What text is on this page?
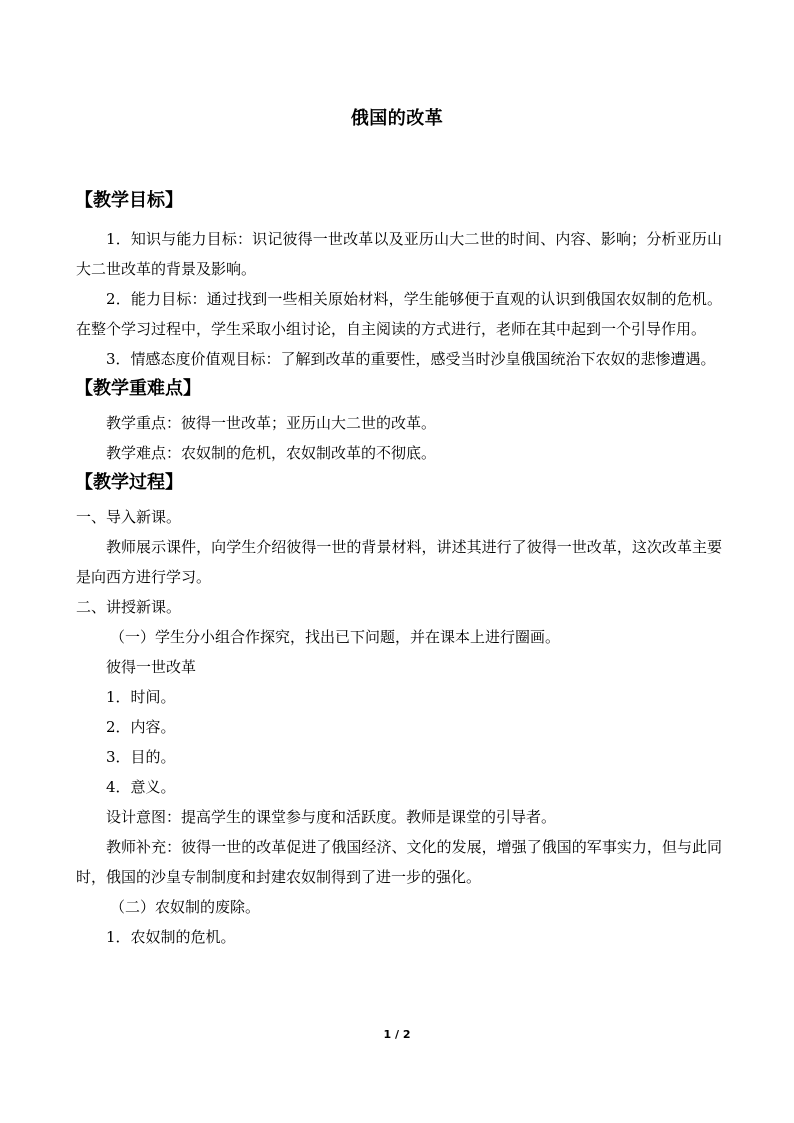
俄国的改革
【教学目标】
1．知识与能力目标：识记彼得一世改革以及亚历山大二世的时间、内容、影响；分析亚历山大二世改革的背景及影响。
2．能力目标：通过找到一些相关原始材料，学生能够便于直观的认识到俄国农奴制的危机。在整个学习过程中，学生采取小组讨论，自主阅读的方式进行，老师在其中起到一个引导作用。
3．情感态度价值观目标：了解到改革的重要性，感受当时沙皇俄国统治下农奴的悲惨遭遇。
【教学重难点】
教学重点：彼得一世改革；亚历山大二世的改革。
教学难点：农奴制的危机，农奴制改革的不彻底。
【教学过程】
一、导入新课。
教师展示课件，向学生介绍彼得一世的背景材料，讲述其进行了彼得一世改革，这次改革主要是向西方进行学习。
二、讲授新课。
（一）学生分小组合作探究，找出已下问题，并在课本上进行圈画。
彼得一世改革
1．时间。
2．内容。
3．目的。
4．意义。
设计意图：提高学生的课堂参与度和活跃度。教师是课堂的引导者。
教师补充：彼得一世的改革促进了俄国经济、文化的发展，增强了俄国的军事实力，但与此同时，俄国的沙皇专制制度和封建农奴制得到了进一步的强化。
（二）农奴制的废除。
1．农奴制的危机。
1 / 2
